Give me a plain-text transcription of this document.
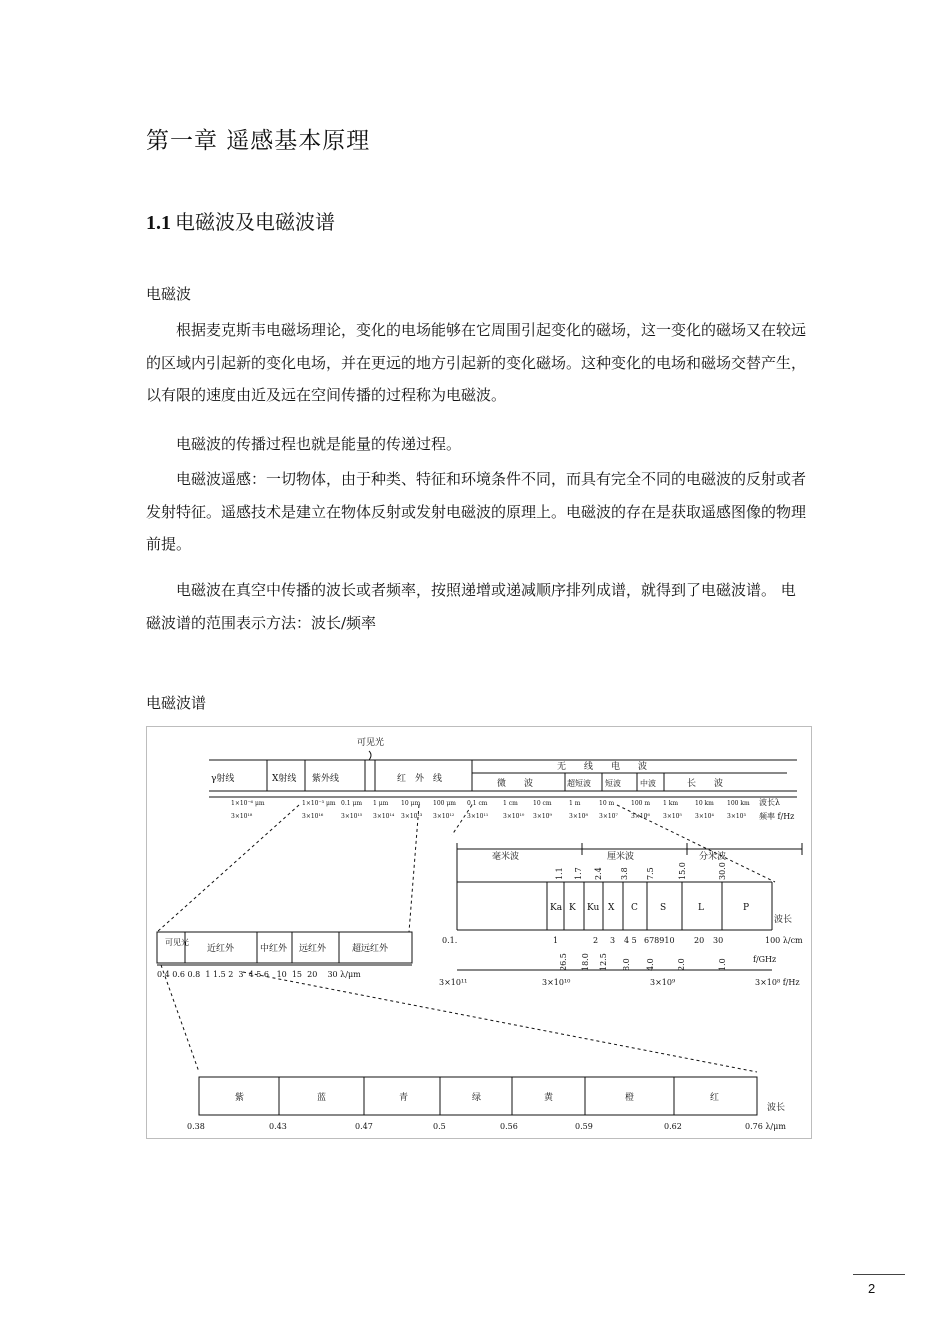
第一章 遥感基本原理
1.1 电磁波及电磁波谱
电磁波
根据麦克斯韦电磁场理论，变化的电场能够在它周围引起变化的磁场，这一变化的磁场又在较远的区域内引起新的变化电场，并在更远的地方引起新的变化磁场。这种变化的电场和磁场交替产生，以有限的速度由近及远在空间传播的过程称为电磁波。
电磁波的传播过程也就是能量的传递过程。
电磁波遥感：一切物体，由于种类、特征和环境条件不同，而具有完全不同的电磁波的反射或者发射特征。遥感技术是建立在物体反射或发射电磁波的原理上。电磁波的存在是获取遥感图像的物理前提。
电磁波在真空中传播的波长或者频率，按照递增或递减顺序排列成谱，就得到了电磁波谱。 电磁波谱的范围表示方法：波长/频率
电磁波谱
可见光
γ射线	X射线 紫外线	红　外　线
无　　线　　电　　波
微　　波	超短波 短波 中波	长　　波
1×10⁻⁶ μm	1×10⁻³ μm 0.1 μm 1 μm 10 μm 100 μm 0.1 cm	1 cm	10 cm	1 m	10 m	100 m 1 km	10 km 100 km
3×10¹⁸	3×10¹⁶	3×10¹⁵ 3×10¹⁴ 3×10¹³ 3×10¹² 3×10¹¹ 3×10¹⁰ 3×10⁹	3×10⁸ 3×10⁷ 3×10⁶ 3×10⁵ 3×10⁴ 3×10³
波长λ
频率 f/Hz
毫米波	厘米波	分米波
Ka K Ku X C S	L	P
波长
1.1 1.7 2.4 3.8 7.5	15.0	30.0
0.1.	1	2 3 4 5 678910 20 30	100 λ/cm
26.5 18.0 12.5 8.0 4.0	2.0	1.0	f/GHz
3×10¹¹	3×10¹⁰	3×10⁹	3×10⁸ f/Hz
可见光
近红外	中红外 远红外	超远红外
0.4 0.6 0.8  1 1.5 2  3  4 5 6   10  15  20    30 λ/μm
紫	蓝	青	绿	黄	橙	红
波长
0.38	0.43	0.47	0.5	0.56	0.59	0.62	0.76 λ/μm
2
